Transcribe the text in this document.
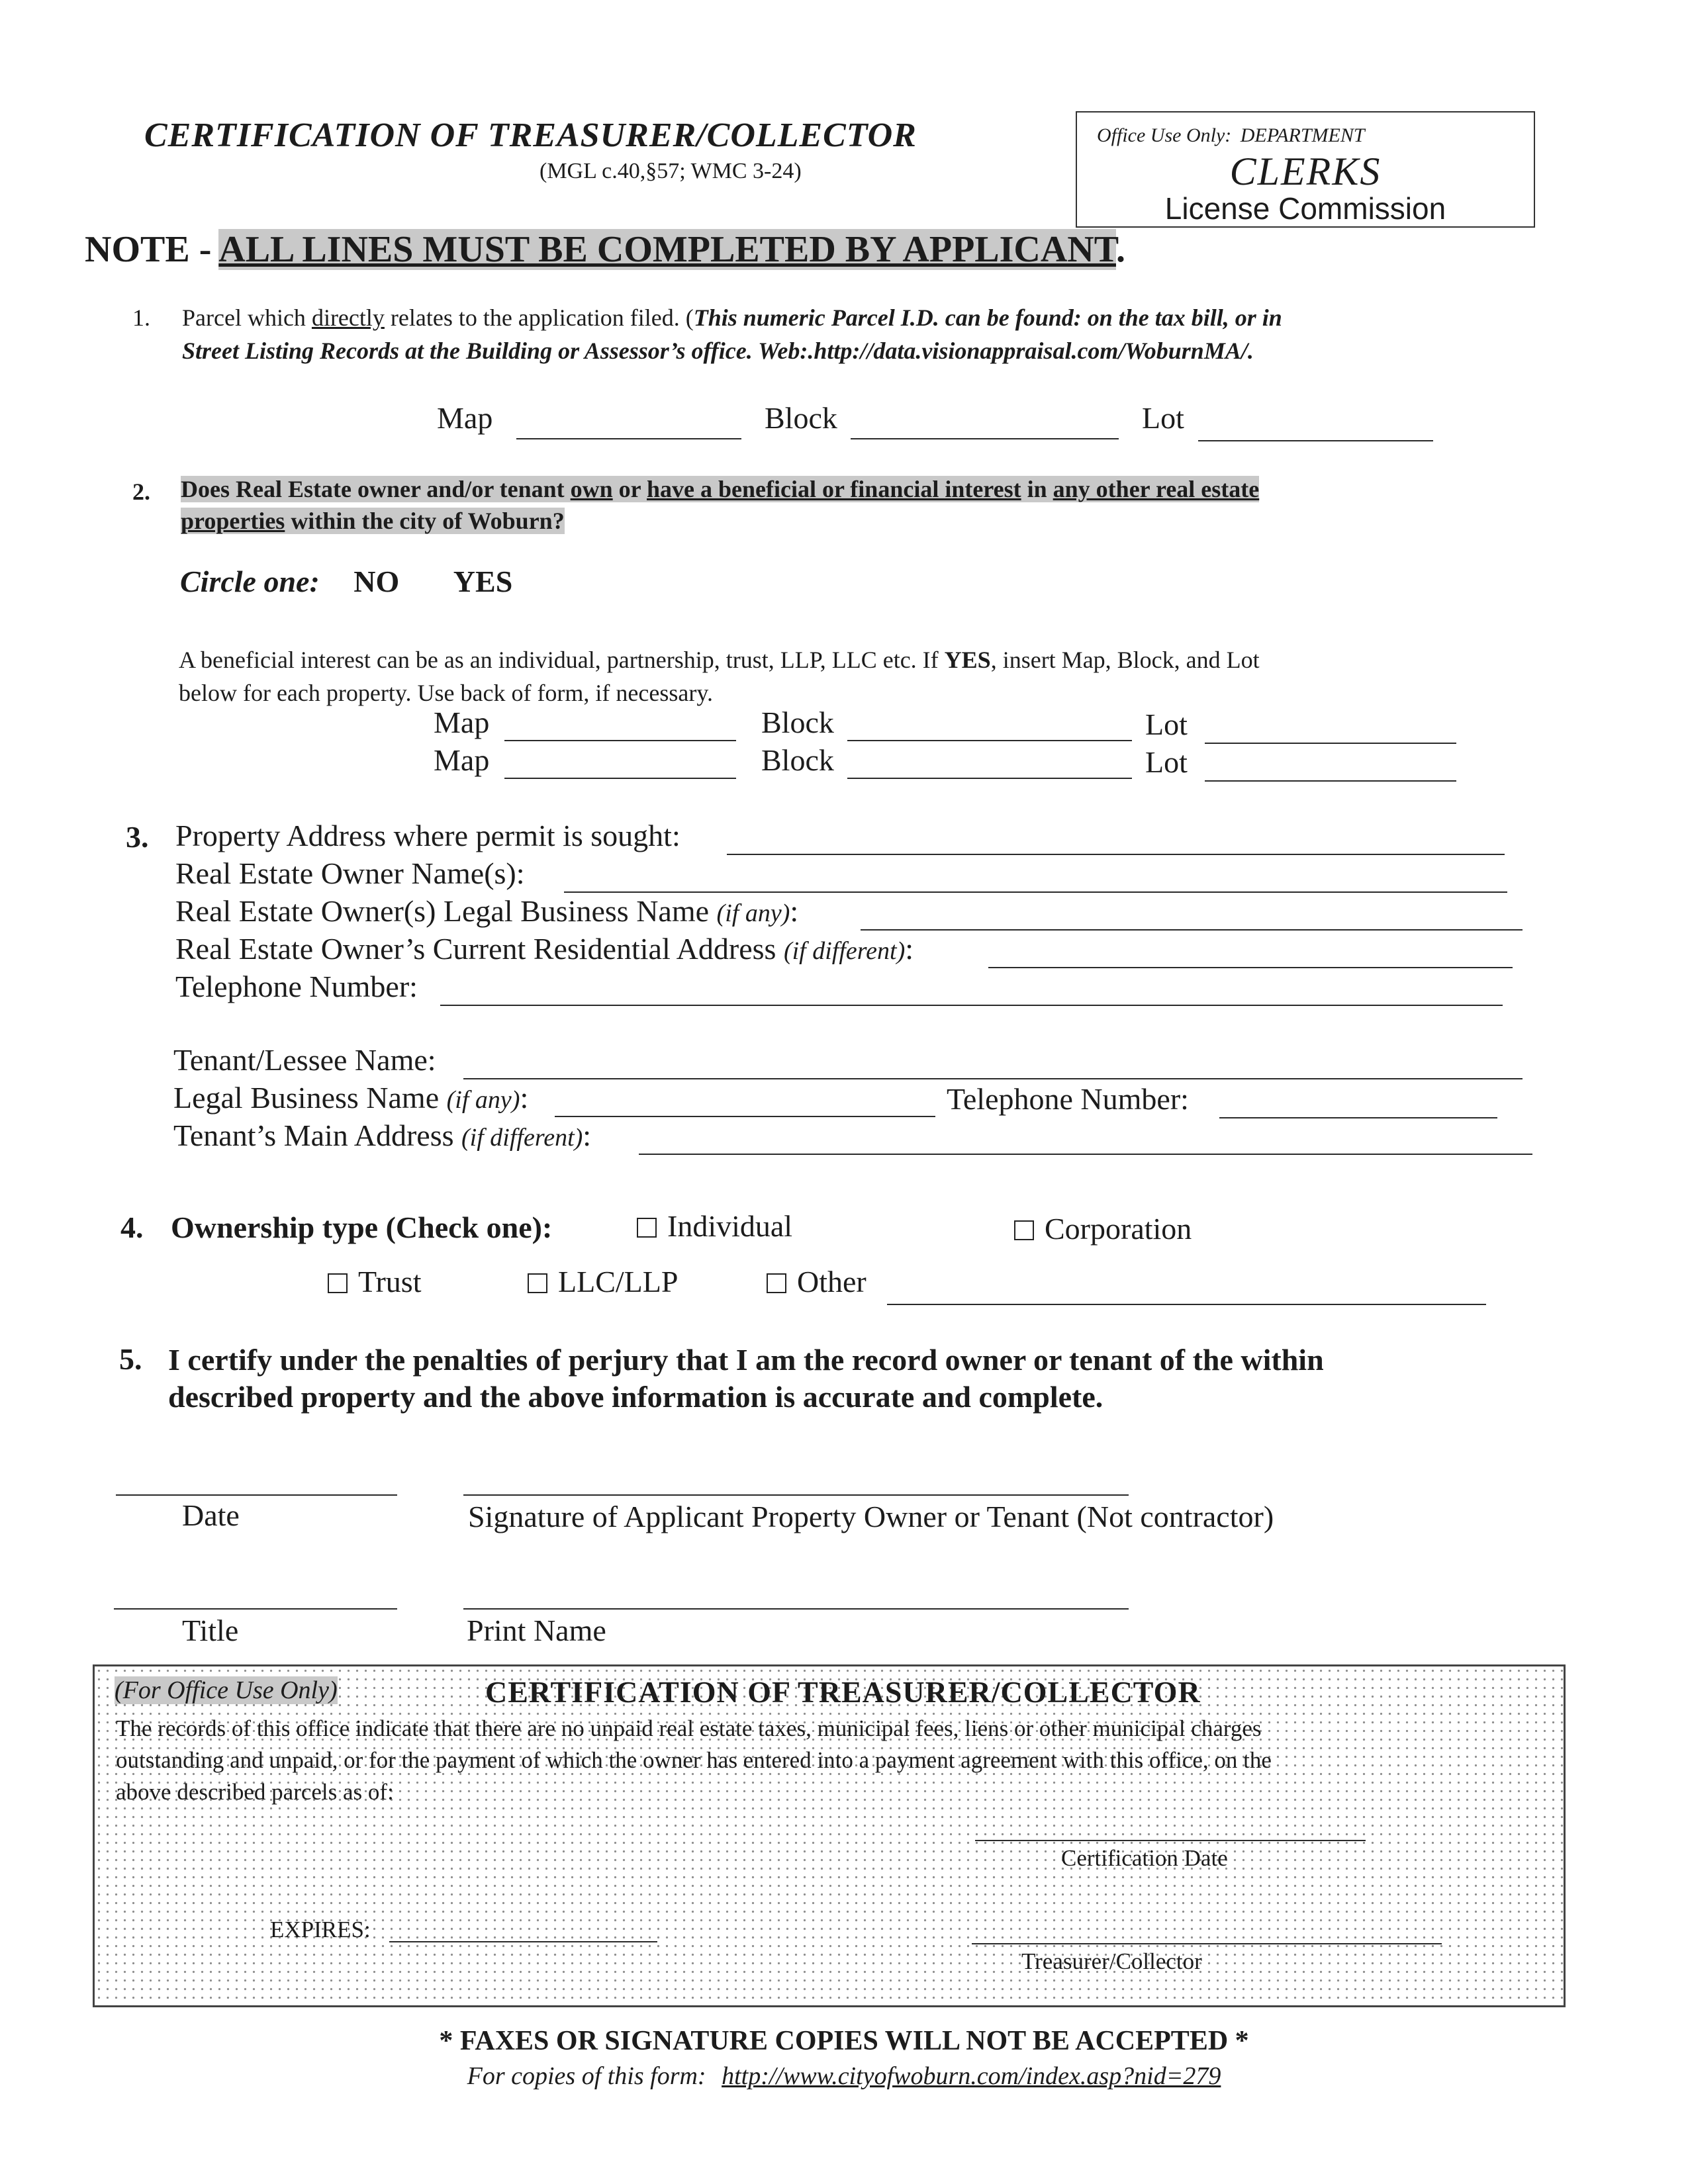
CERTIFICATION OF TREASURER/COLLECTOR
(MGL c.40,§57; WMC 3-24)
Office Use Only: DEPARTMENT
CLERKS
License Commission
NOTE - ALL LINES MUST BE COMPLETED BY APPLICANT.
1. Parcel which directly relates to the application filed. (This numeric Parcel I.D. can be found: on the tax bill, or in
Street Listing Records at the Building or Assessor’s office. Web:.http://data.visionappraisal.com/WoburnMA/.
Map	Block	Lot
2. Does Real Estate owner and/or tenant own or have a beneficial or financial interest in any other real estate
properties within the city of Woburn?
Circle one: NO YES
A beneficial interest can be as an individual, partnership, trust, LLP, LLC etc. If YES, insert Map, Block, and Lot
below for each property. Use back of form, if necessary.
Map	Block	Lot
Map	Block	Lot
3. Property Address where permit is sought:
Real Estate Owner Name(s):
Real Estate Owner(s) Legal Business Name (if any):
Real Estate Owner’s Current Residential Address (if different):
Telephone Number:
Tenant/Lessee Name:
Legal Business Name (if any):	Telephone Number:
Tenant’s Main Address (if different):
4. Ownership type (Check one):	Individual	Corporation
Trust	LLC/LLP	Other
5. I certify under the penalties of perjury that I am the record owner or tenant of the within
described property and the above information is accurate and complete.
Date	Signature of Applicant Property Owner or Tenant (Not contractor)
Title	Print Name
(For Office Use Only)	CERTIFICATION OF TREASURER/COLLECTOR
The records of this office indicate that there are no unpaid real estate taxes, municipal fees, liens or other municipal charges
outstanding and unpaid, or for the payment of which the owner has entered into a payment agreement with this office, on the
above described parcels as of:
Certification Date
EXPIRES:
Treasurer/Collector
* FAXES OR SIGNATURE COPIES WILL NOT BE ACCEPTED *
For copies of this form: http://www.cityofwoburn.com/index.asp?nid=279
